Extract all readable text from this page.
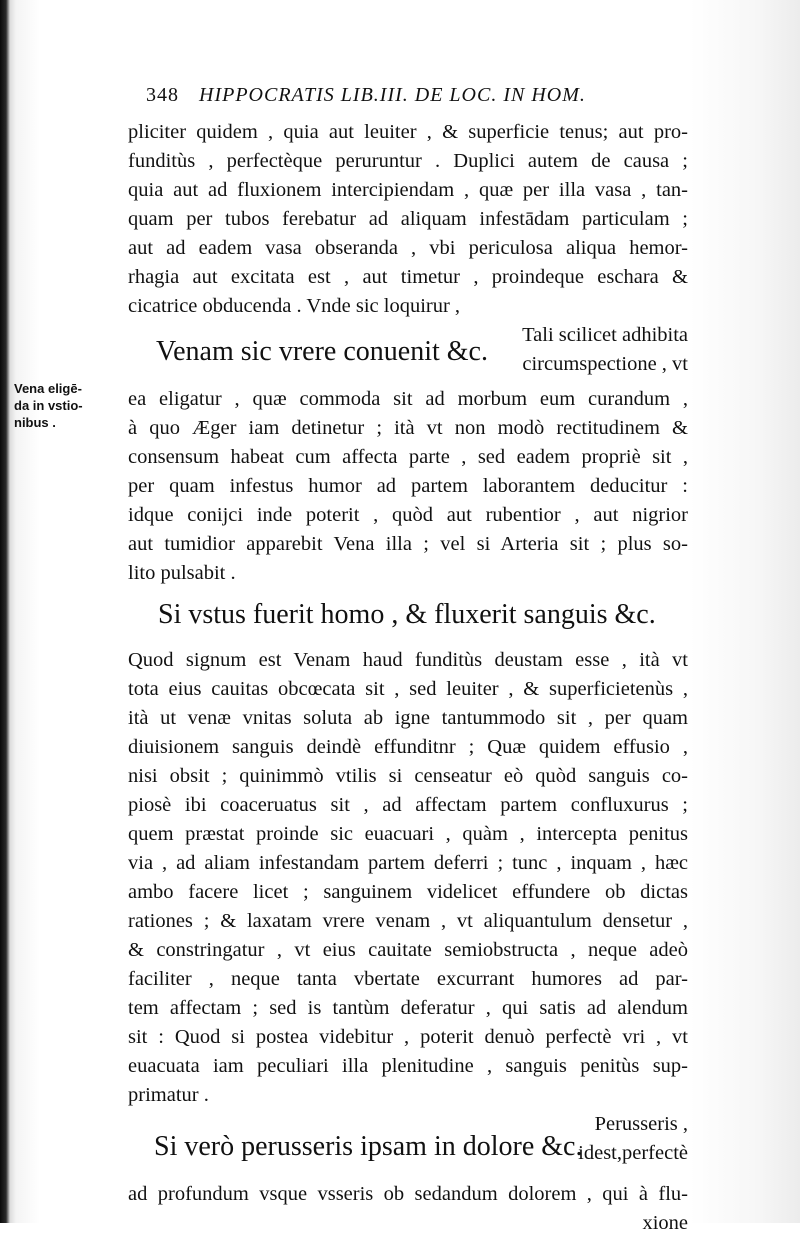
348 HIPPOCRATIS LIB.III. DE LOC. IN HOM.
Vena eligē-
da in vstio-
nibus .
pliciter quidem , quia aut leuiter , & superficie tenus; aut pro-
funditùs , perfectèque peruruntur . Duplici autem de causa ;
quia aut ad fluxionem intercipiendam , quæ per illa vasa , tan-
quam per tubos ferebatur ad aliquam infestādam particulam ;
aut ad eadem vasa obseranda , vbi periculosa aliqua hemor-
rhagia aut excitata est , aut timetur , proindeque eschara &
cicatrice obducenda . Vnde sic loquirur ,
Venam sic vrere conuenit &c.
Tali scilicet adhibita
circumspectione , vt
ea eligatur , quæ commoda sit ad morbum eum curandum ,
à quo Æger iam detinetur ; ità vt non modò rectitudinem &
consensum habeat cum affecta parte , sed eadem propriè sit ,
per quam infestus humor ad partem laborantem deducitur :
idque conijci inde poterit , quòd aut rubentior , aut nigrior
aut tumidior apparebit Vena illa ; vel si Arteria sit ; plus so-
lito pulsabit .
Si vstus fuerit homo , & fluxerit sanguis &c.
Quod signum est Venam haud funditùs deustam esse , ità vt
tota eius cauitas obcœcata sit , sed leuiter , & superficietenùs ,
ità ut venæ vnitas soluta ab igne tantummodo sit , per quam
diuisionem sanguis deindè effunditnr ; Quæ quidem effusio ,
nisi obsit ; quinimmò vtilis si censeatur eò quòd sanguis co-
piosè ibi coaceruatus sit , ad affectam partem confluxurus ;
quem præstat proinde sic euacuari , quàm , intercepta penitus
via , ad aliam infestandam partem deferri ; tunc , inquam , hæc
ambo facere licet ; sanguinem videlicet effundere ob dictas
rationes ; & laxatam vrere venam , vt aliquantulum densetur ,
& constringatur , vt eius cauitate semiobstructa , neque adeò
faciliter , neque tanta vbertate excurrant humores ad par-
tem affectam ; sed is tantùm deferatur , qui satis ad alendum
sit : Quod si postea videbitur , poterit denuò perfectè vri , vt
euacuata iam peculiari illa plenitudine , sanguis penitùs sup-
primatur .
Si verò perusseris ipsam in dolore &c.
Perusseris ,
idest,perfectè
ad profundum vsque vsseris ob sedandum dolorem , qui à flu-
xione
